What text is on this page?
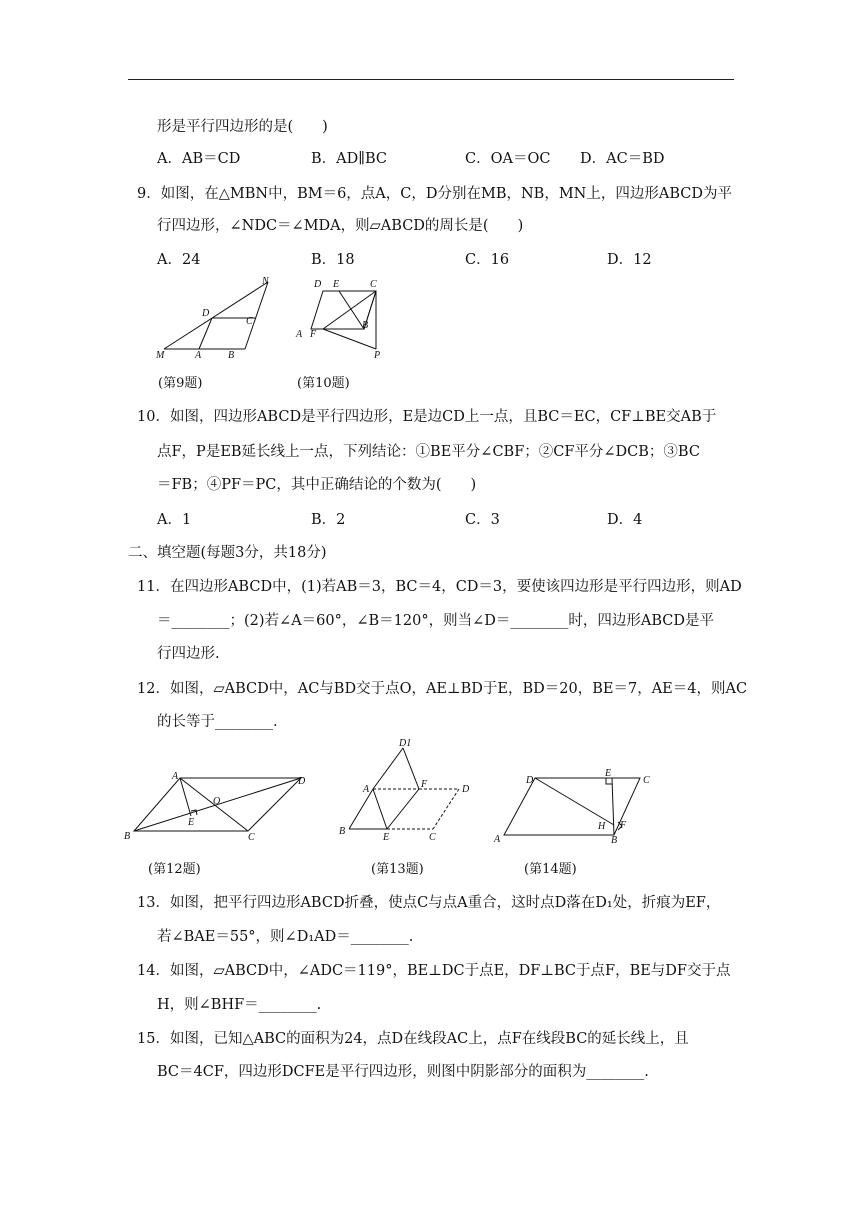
形是平行四边形的是(　　)
A．AB＝CD	B．AD∥BC	C．OA＝OC D．AC＝BD
9．如图，在△MBN中，BM＝6，点A，C，D分别在MB，NB，MN上，四边形ABCD为平
行四边形，∠NDC＝∠MDA，则▱ABCD的周长是(　　)
A．24	B．18	C．16	D．12
N
D
C
M	A	B
(第9题)
D E	C
A F
B
P
(第10题)
10．如图，四边形ABCD是平行四边形，E是边CD上一点，且BC＝EC，CF⊥BE交AB于
点F，P是EB延长线上一点，下列结论：①BE平分∠CBF；②CF平分∠DCB；③BC
＝FB；④PF＝PC，其中正确结论的个数为(　　)
A．1	B．2	C．3	D．4
二、填空题(每题3分，共18分)
11．在四边形ABCD中，(1)若AB＝3，BC＝4，CD＝3，要使该四边形是平行四边形，则AD
＝________；(2)若∠A＝60°，∠B＝120°，则当∠D＝________时，四边形ABCD是平
行四边形.
12．如图，▱ABCD中，AC与BD交于点O，AE⊥BD于E，BD＝20，BE＝7，AE＝4，则AC
的长等于________.
A	D
O
E
B	C
(第12题)
D1
A	F	D
B
E	C
(第13题)
D
E
C
H F
A	B
(第14题)
13．如图，把平行四边形ABCD折叠，使点C与点A重合，这时点D落在D₁处，折痕为EF，
若∠BAE＝55°，则∠D₁AD＝________.
14．如图，▱ABCD中，∠ADC＝119°，BE⊥DC于点E，DF⊥BC于点F，BE与DF交于点
H，则∠BHF＝________.
15．如图，已知△ABC的面积为24，点D在线段AC上，点F在线段BC的延长线上，且
BC＝4CF，四边形DCFE是平行四边形，则图中阴影部分的面积为________.
